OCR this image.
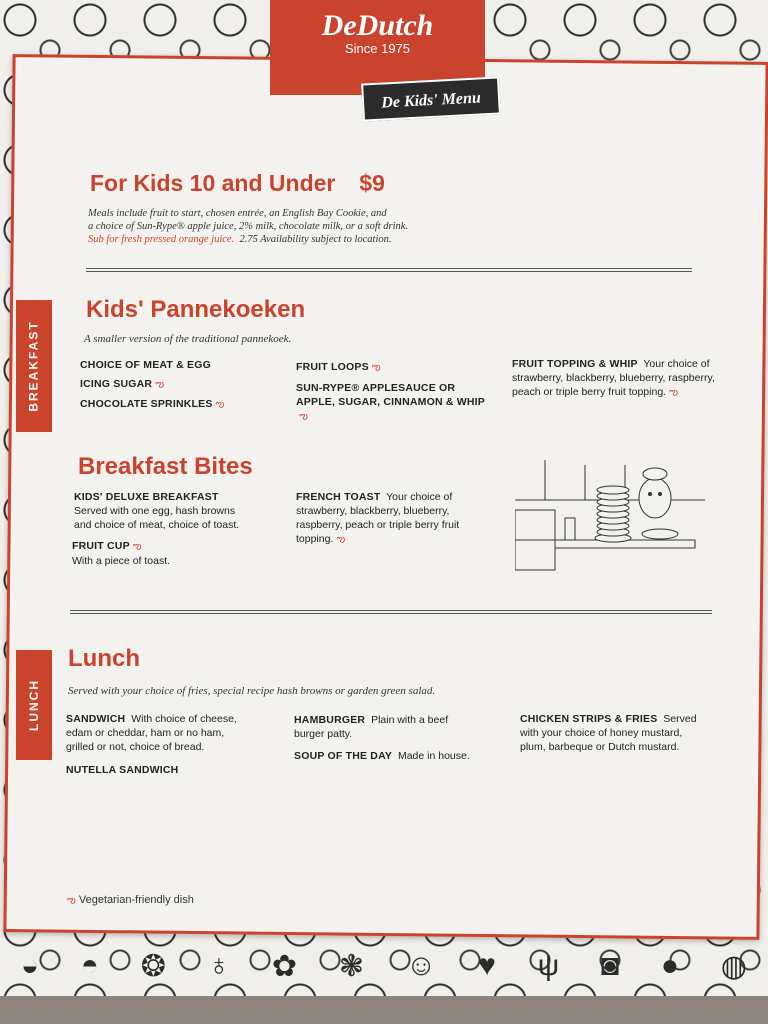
◒ ◓ ❂ ♁ ✿ ❃ ☺ ♥ ψ ◙ ● ◍
DeDutch
Since 1975
De Kids' Menu
For Kids 10 and Under $9
Meals include fruit to start, chosen entrée, an English Bay Cookie, and
a choice of Sun-Rype® apple juice, 2% milk, chocolate milk, or a soft drink.
Sub for fresh pressed orange juice. 2.75 Availability subject to location.
BREAKFAST
Kids' Pannekoeken
A smaller version of the traditional pannekoek.
CHOICE OF MEAT & EGG
ICING SUGAR ఌ
CHOCOLATE SPRINKLES ఌ
FRUIT LOOPS ఌ
SUN-RYPE® APPLESAUCE OR APPLE, SUGAR, CINNAMON & WHIPఌ
FRUIT TOPPING & WHIP Your choice of strawberry, blackberry, blueberry, raspberry, peach or triple berry fruit topping. ఌ
Breakfast Bites
KIDS' DELUXE BREAKFAST  Served with one egg, hash browns and choice of meat, choice of toast.
FRUIT CUP ఌ
With a piece of toast.
FRENCH TOAST Your choice of strawberry, blackberry, blueberry, raspberry, peach or triple berry fruit topping. ఌ
LUNCH
Lunch
Served with your choice of fries, special recipe hash browns or garden green salad.
SANDWICH With choice of cheese, edam or cheddar, ham or no ham, grilled or not, choice of bread.
NUTELLA SANDWICH
HAMBURGER Plain with a beef burger patty.
SOUP OF THE DAY Made in house.
CHICKEN STRIPS & FRIES Served with your choice of honey mustard, plum, barbeque or Dutch mustard.
ఌ Vegetarian-friendly dish
